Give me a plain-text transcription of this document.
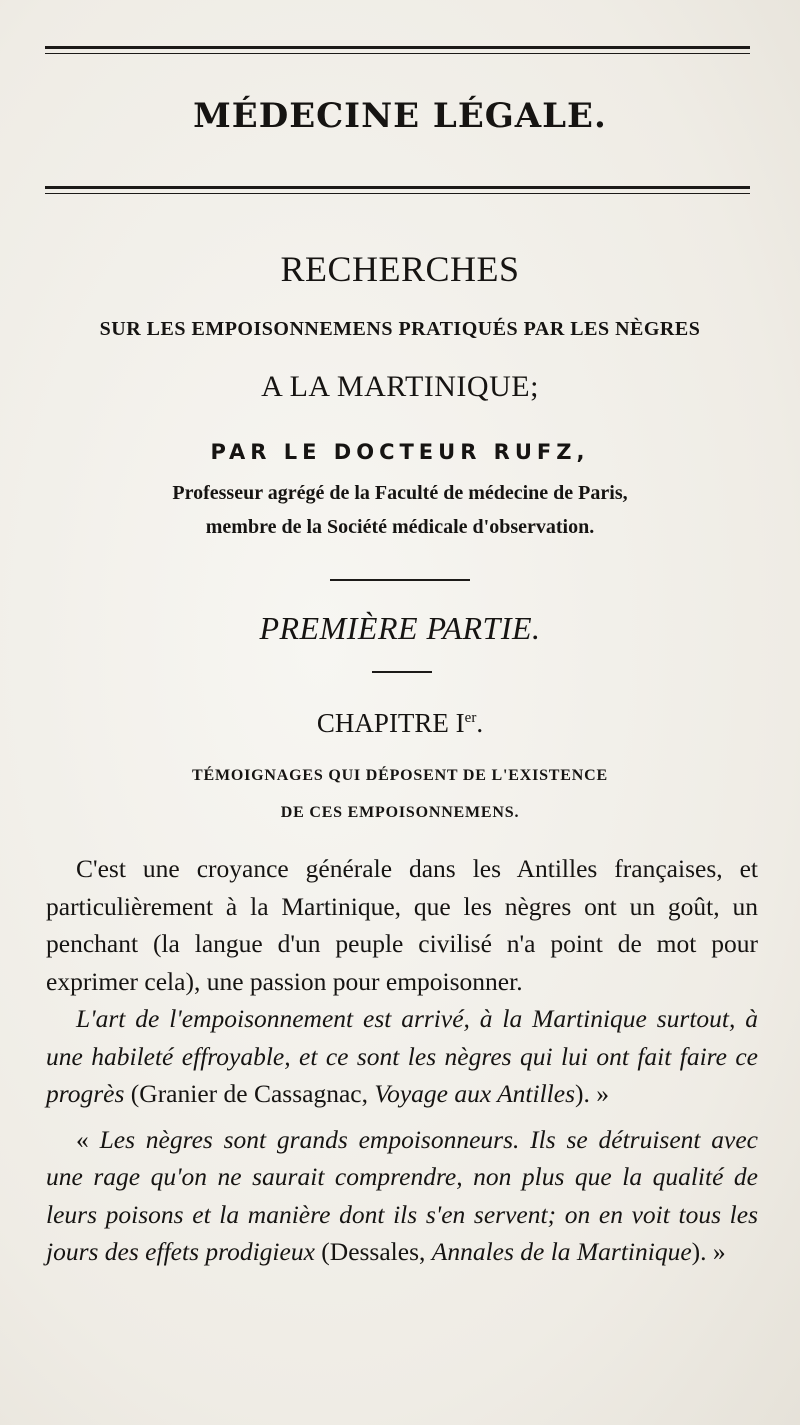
MÉDECINE LÉGALE.
RECHERCHES
SUR LES EMPOISONNEMENS PRATIQUÉS PAR LES NÈGRES
A LA MARTINIQUE;
PAR LE DOCTEUR RUFZ,
Professeur agrégé de la Faculté de médecine de Paris,
membre de la Société médicale d'observation.
PREMIÈRE PARTIE.
CHAPITRE Ier.
TÉMOIGNAGES QUI DÉPOSENT DE L'EXISTENCE
DE CES EMPOISONNEMENS.

C'est une croyance générale dans les Antilles françaises, et particulièrement à la Martinique, que les nègres ont un goût, un penchant (la langue d'un peuple civilisé n'a point de mot pour exprimer cela), une passion pour empoisonner.

L'art de l'empoisonnement est arrivé, à la Martinique surtout, à une habileté effroyable, et ce sont les nègres qui lui ont fait faire ce progrès (Granier de Cassagnac, Voyage aux Antilles). »

« Les nègres sont grands empoisonneurs. Ils se détruisent avec une rage qu'on ne saurait comprendre, non plus que la qualité de leurs poisons et la manière dont ils s'en servent; on en voit tous les jours des effets prodigieux (Dessales, Annales de la Martinique). »
